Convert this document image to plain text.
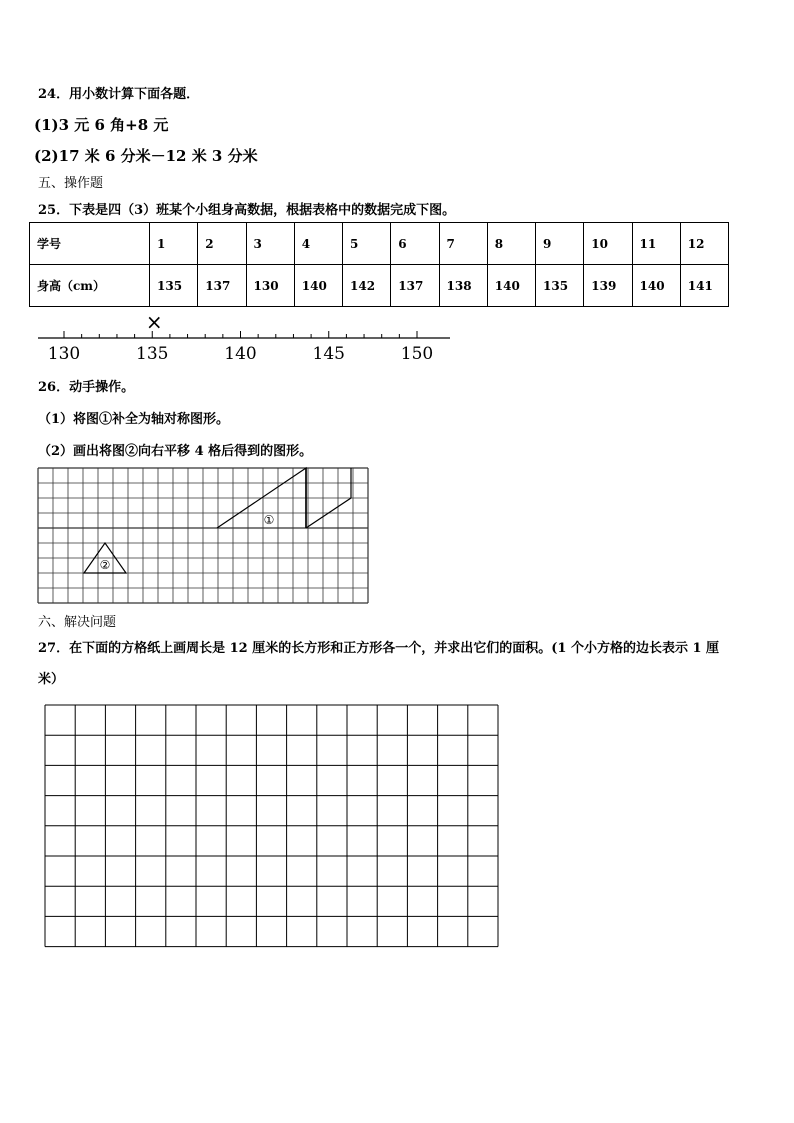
24．用小数计算下面各题．
(1)3 元 6 角+8 元
(2)17 米 6 分米－12 米 3 分米
五、操作题
25．下表是四（3）班某个小组身高数据，根据表格中的数据完成下图。
学号	1	2	3	4	5	6	7	8	9	10	11	12
身高（cm）	135	137	130	140	142	137	138	140	135	139	140	141
130	135	140	145	150
×
26．动手操作。
（1）将图①补全为轴对称图形。
（2）画出将图②向右平移 4 格后得到的图形。
①
②
六、解决问题
27．在下面的方格纸上画周长是 12 厘米的长方形和正方形各一个，并求出它们的面积。(1 个小方格的边长表示 1 厘
米）
